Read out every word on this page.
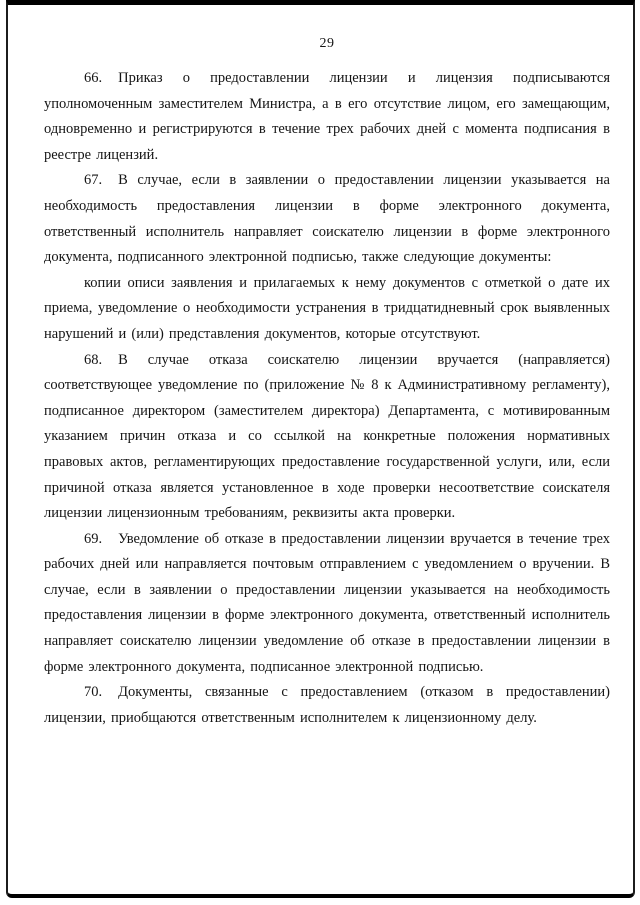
29

66. Приказ о предоставлении лицензии и лицензия подписываются уполномоченным заместителем Министра, а в его отсутствие лицом, его замещающим, одновременно и регистрируются в течение трех рабочих дней с момента подписания в реестре лицензий.

67. В случае, если в заявлении о предоставлении лицензии указывается на необходимость предоставления лицензии в форме электронного документа, ответственный исполнитель направляет соискателю лицензии в форме электронного документа, подписанного электронной подписью, также следующие документы:

копии описи заявления и прилагаемых к нему документов с отметкой о дате их приема, уведомление о необходимости устранения в тридцатидневный срок выявленных нарушений и (или) представления документов, которые отсутствуют.

68. В случае отказа соискателю лицензии вручается (направляется) соответствующее уведомление по (приложение № 8 к Административному регламенту), подписанное директором (заместителем директора) Департамента, с мотивированным указанием причин отказа и со ссылкой на конкретные положения нормативных правовых актов, регламентирующих предоставление государственной услуги, или, если причиной отказа является установленное в ходе проверки несоответствие соискателя лицензии лицензионным требованиям, реквизиты акта проверки.

69. Уведомление об отказе в предоставлении лицензии вручается в течение трех рабочих дней или направляется почтовым отправлением с уведомлением о вручении. В случае, если в заявлении о предоставлении лицензии указывается на необходимость предоставления лицензии в форме электронного документа, ответственный исполнитель направляет соискателю лицензии уведомление об отказе в предоставлении лицензии в форме электронного документа, подписанное электронной подписью.

70. Документы, связанные с предоставлением (отказом в предоставлении) лицензии, приобщаются ответственным исполнителем к лицензионному делу.
